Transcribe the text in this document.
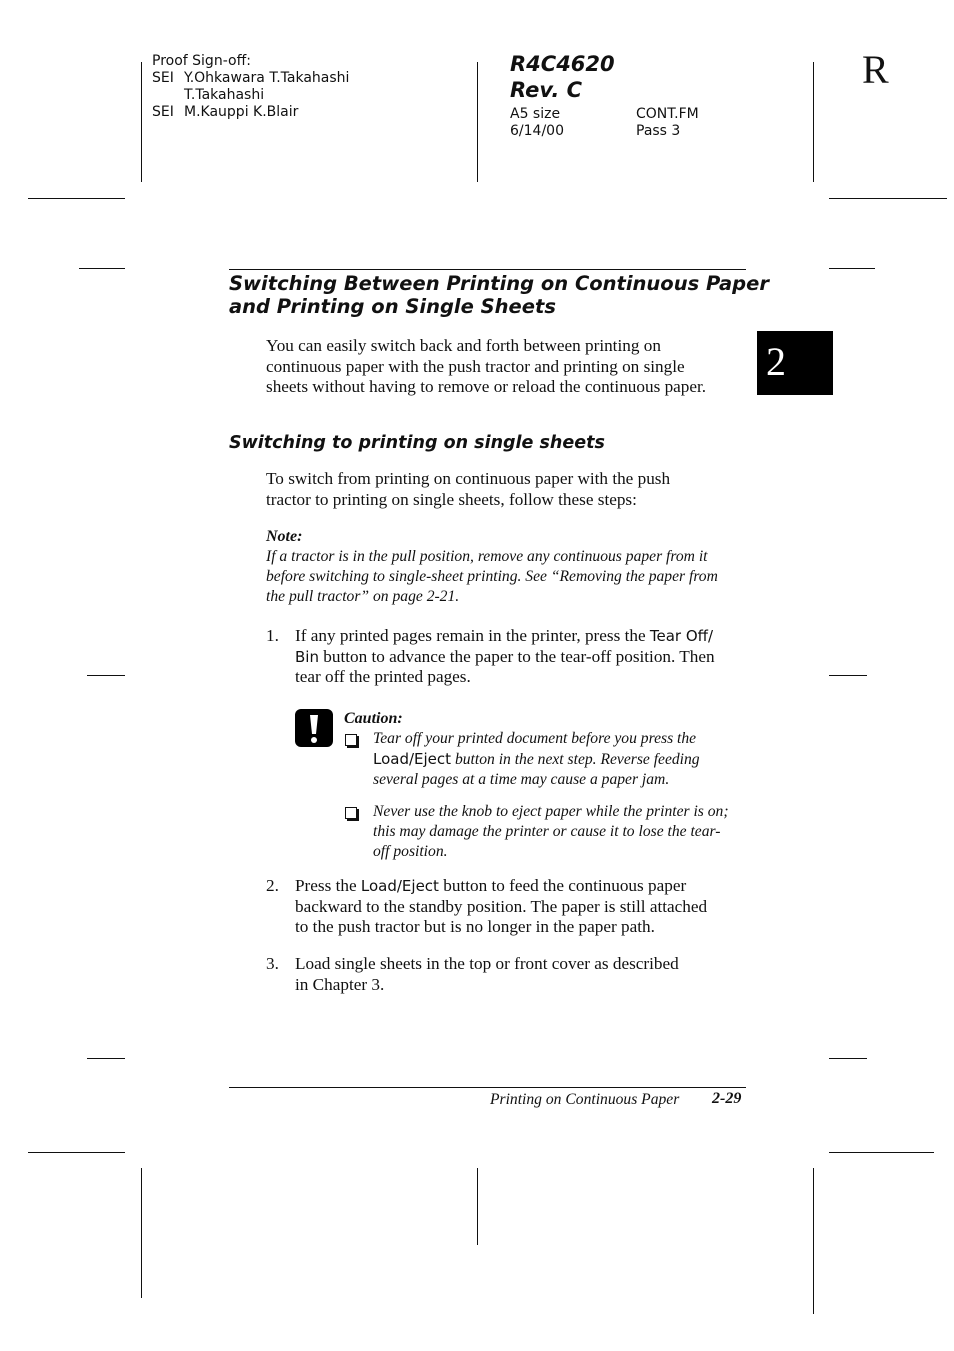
Proof Sign-off:
SEI Y.Ohkawara T.Takahashi
T.Takahashi
SEI M.Kauppi K.Blair
R4C4620
Rev. C
A5 size	CONT.FM
6/14/00	Pass 3
R
2
Switching Between Printing on Continuous Paper
and Printing on Single Sheets
You can easily switch back and forth between printing on
continuous paper with the push tractor and printing on single
sheets without having to remove or reload the continuous paper.
Switching to printing on single sheets
To switch from printing on continuous paper with the push
tractor to printing on single sheets, follow these steps:
Note:
If a tractor is in the pull position, remove any continuous paper from it
before switching to single-sheet printing. See “Removing the paper from
the pull tractor” on page 2-21.
1. If any printed pages remain in the printer, press the Tear Off/
Bin button to advance the paper to the tear-off position. Then
tear off the printed pages.
Caution:
Tear off your printed document before you press the
Load/Eject button in the next step. Reverse feeding
several pages at a time may cause a paper jam.
Never use the knob to eject paper while the printer is on;
this may damage the printer or cause it to lose the tear-
off position.
2. Press the Load/Eject button to feed the continuous paper
backward to the standby position. The paper is still attached
to the push tractor but is no longer in the paper path.
3. Load single sheets in the top or front cover as described
in Chapter 3.
Printing on Continuous Paper 2-29
